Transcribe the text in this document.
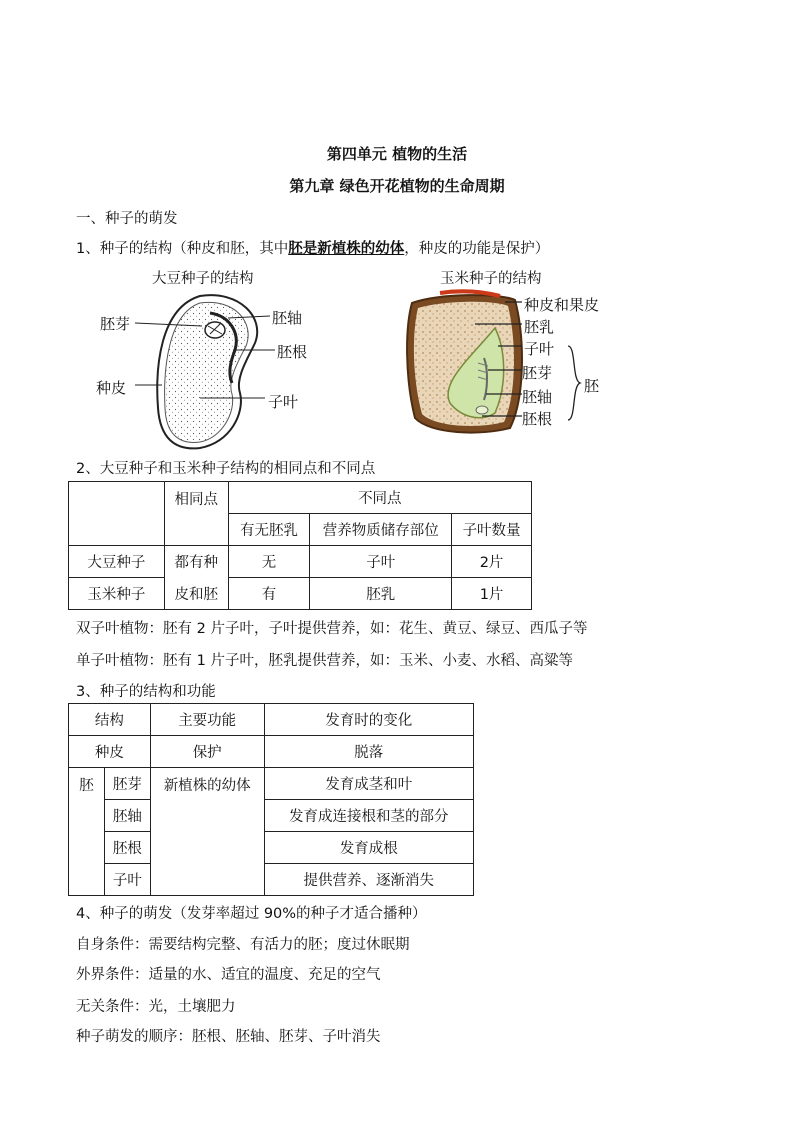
第四单元 植物的生活
第九章 绿色开花植物的生命周期
一、种子的萌发
1、种子的结构（种皮和胚，其中胚是新植株的幼体，种皮的功能是保护）
大豆种子的结构
胚芽	胚轴
胚根
种皮
子叶
玉米种子的结构
种皮和果皮
胚乳
子叶
胚芽
胚轴
胚根
胚
2、大豆种子和玉米种子结构的相同点和不同点
	相同点	不同点		
		有无胚乳	营养物质储存部位	子叶数量
大豆种子	都有种	无	子叶	2片
玉米种子	皮和胚	有	胚乳	1片
双子叶植物：胚有 2 片子叶，子叶提供营养，如：花生、黄豆、绿豆、西瓜子等
单子叶植物：胚有 1 片子叶，胚乳提供营养，如：玉米、小麦、水稻、高粱等
3、种子的结构和功能
结构		主要功能	发育时的变化
种皮		保护	脱落
胚	胚芽	新植株的幼体	发育成茎和叶
	胚轴		发育成连接根和茎的部分
	胚根		发育成根
	子叶		提供营养、逐渐消失
4、种子的萌发（发芽率超过 90%的种子才适合播种）
自身条件：需要结构完整、有活力的胚；度过休眠期
外界条件：适量的水、适宜的温度、充足的空气
无关条件：光，土壤肥力
种子萌发的顺序：胚根、胚轴、胚芽、子叶消失
